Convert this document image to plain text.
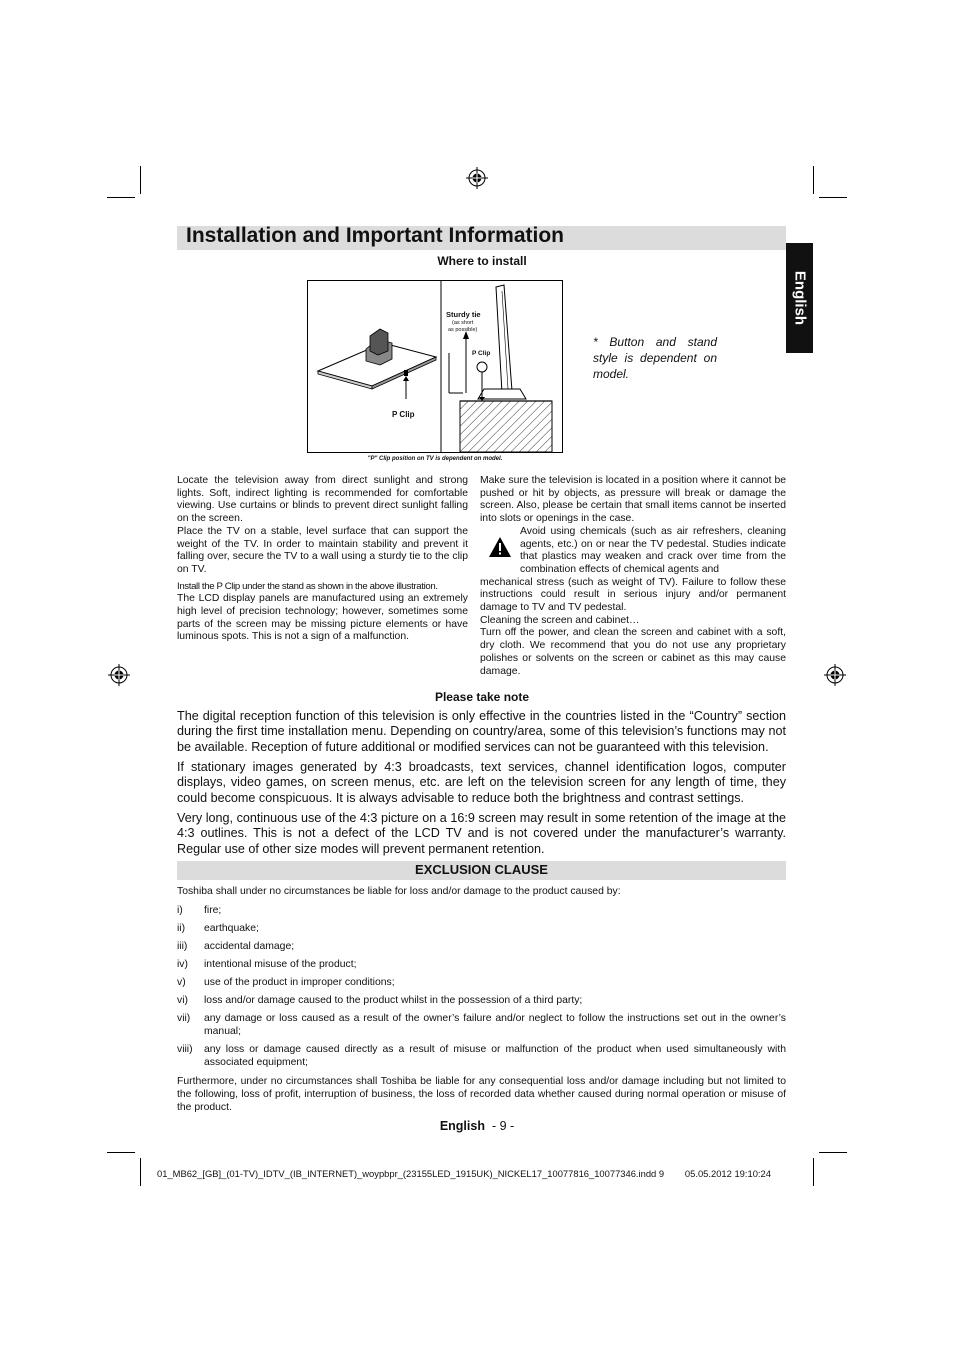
Installation and Important Information
English
Where to install
P Clip
Sturdy tie
(as short
as possible)
P Clip
"P" Clip position on TV is dependent on model.
* Button and stand style is dependent on model.

Locate the television away from direct sunlight and strong lights. Soft, indirect lighting is recommended for comfortable viewing. Use curtains or blinds to prevent direct sunlight falling on the screen.

Place the TV on a stable, level surface that can support the weight of the TV. In order to maintain stability and prevent it falling over, secure the TV to a wall using a sturdy tie to the clip on TV.

Install the P Clip under the stand as shown in the above illustration.

The LCD display panels are manufactured using an extremely high level of precision technology; however, sometimes some parts of the screen may be missing picture elements or have luminous spots. This is not a sign of a malfunction.

Make sure the television is located in a position where it cannot be pushed or hit by objects, as pressure will break or damage the screen. Also, please be certain that small items cannot be inserted into slots or openings in the case.

Avoid using chemicals (such as air refreshers, cleaning agents, etc.) on or near the TV pedestal. Studies indicate that plastics may weaken and crack over time from the combination effects of chemical agents and

mechanical stress (such as weight of TV). Failure to follow these instructions could result in serious injury and/or permanent damage to TV and TV pedestal.

Cleaning the screen and cabinet…

Turn off the power, and clean the screen and cabinet with a soft, dry cloth. We recommend that you do not use any proprietary polishes or solvents on the screen or cabinet as this may cause damage.

Please take note

The digital reception function of this television is only effective in the countries listed in the “Country” section during the first time installation menu. Depending on country/area, some of this television’s functions may not be available. Reception of future additional or modified services can not be guaranteed with this television.

If stationary images generated by 4:3 broadcasts, text services, channel identification logos, computer displays, video games, on screen menus, etc. are left on the television screen for any length of time, they could become conspicuous. It is always advisable to reduce both the brightness and contrast settings.

Very long, continuous use of the 4:3 picture on a 16:9 screen may result in some retention of the image at the 4:3 outlines. This is not a defect of the LCD TV and is not covered under the manufacturer’s warranty. Regular use of other size modes will prevent permanent retention.

EXCLUSION CLAUSE
Toshiba shall under no circumstances be liable for loss and/or damage to the product caused by:
i)	fire;
ii)	earthquake;
iii)	accidental damage;
iv)	intentional misuse of the product;
v)	use of the product in improper conditions;
vi)	loss and/or damage caused to the product whilst in the possession of a third party;
vii)	any damage or loss caused as a result of the owner’s failure and/or neglect to follow the instructions set out in the owner’s manual;
viii)	any loss or damage caused directly as a result of misuse or malfunction of the product when used simultaneously with associated equipment;
Furthermore, under no circumstances shall Toshiba be liable for any consequential loss and/or damage including but not limited to the following, loss of profit, interruption of business, the loss of recorded data whether caused during normal operation or misuse of the product.
English - 9 -
01_MB62_[GB]_(01-TV)_IDTV_(IB_INTERNET)_woypbpr_(23155LED_1915UK)_NICKEL17_10077816_10077346.indd 9 05.05.2012 19:10:24
